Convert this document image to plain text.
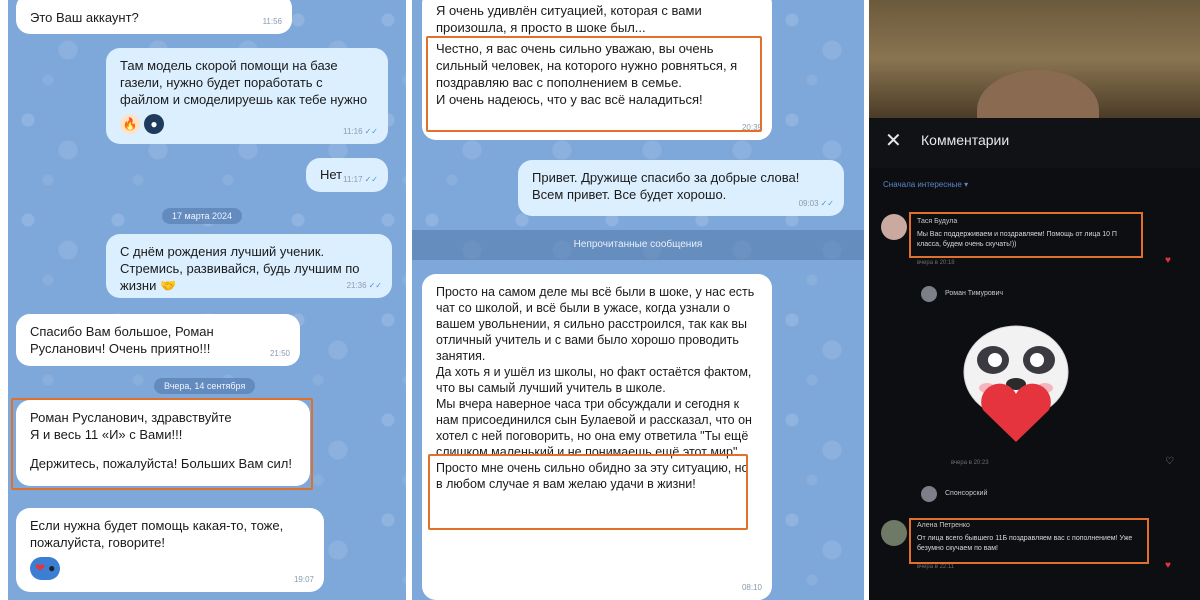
Это Ваш аккаунт?	11:56
Там модель скорой помощи на базе газели, нужно будет поработать с файлом и смоделируешь как тебе нужно
🔥	●
11:16 ✓✓
Нет 11:17 ✓✓
17 марта 2024
С днём рождения лучший ученик. Стремись, развивайся, будь лучшим по жизни 🤝	21:36 ✓✓
Спасибо Вам большое, Роман Русланович! Очень приятно!!!	21:50
Вчера, 14 сентября
Роман Русланович, здравствуйте
Я и весь 11 «И» с Вами!!!
Держитесь, пожалуйста! Больших Вам сил!
Если нужна будет помощь какая-то, тоже, пожалуйста, говорите!
❤ ●
19:07
Я очень удивлён ситуацией, которая с вами
произошла, я просто в шоке был...
Честно, я вас очень сильно уважаю, вы очень сильный человек, на которого нужно ровняться, я поздравляю вас с пополнением в семье.
И очень надеюсь, что у вас всё наладиться!
20:39
Привет. Дружище спасибо за добрые слова! Всем привет. Все будет хорошо.
09:03 ✓✓
Непрочитанные сообщения
Просто на самом деле мы всё были в шоке, у нас есть чат со школой, и всё были в ужасе, когда узнали о вашем увольнении, я сильно расстроился, так как вы отличный учитель и с вами было хорошо проводить занятия.
Да хоть я и ушёл из школы, но факт остаётся фактом, что вы самый лучший учитель в школе.
Мы вчера наверное часа три обсуждали и сегодня к нам присоединился сын Булаевой и рассказал, что он хотел с ней поговорить, но она ему ответила "Ты ещё слишком маленький и не понимаешь ещё этот мир"
Просто мне очень сильно обидно за эту ситуацию, но в любом случае я вам желаю удачи в жизни!
08:10
✕ Комментарии
Сначала интересные ▾
Тася Будула
Мы Вас поддерживаем и поздравляем! Помощь от лица 10 П класса, будем очень скучать!))
вчера в 20:18	♥
Роман Тимурович
вчера в 20:23	♡
Спонсорский
Алена Петренко
От лица всего бывшего 11Б поздравляем вас с пополнением! Уже безумно скучаем по вам!
вчера в 22:11	♥
